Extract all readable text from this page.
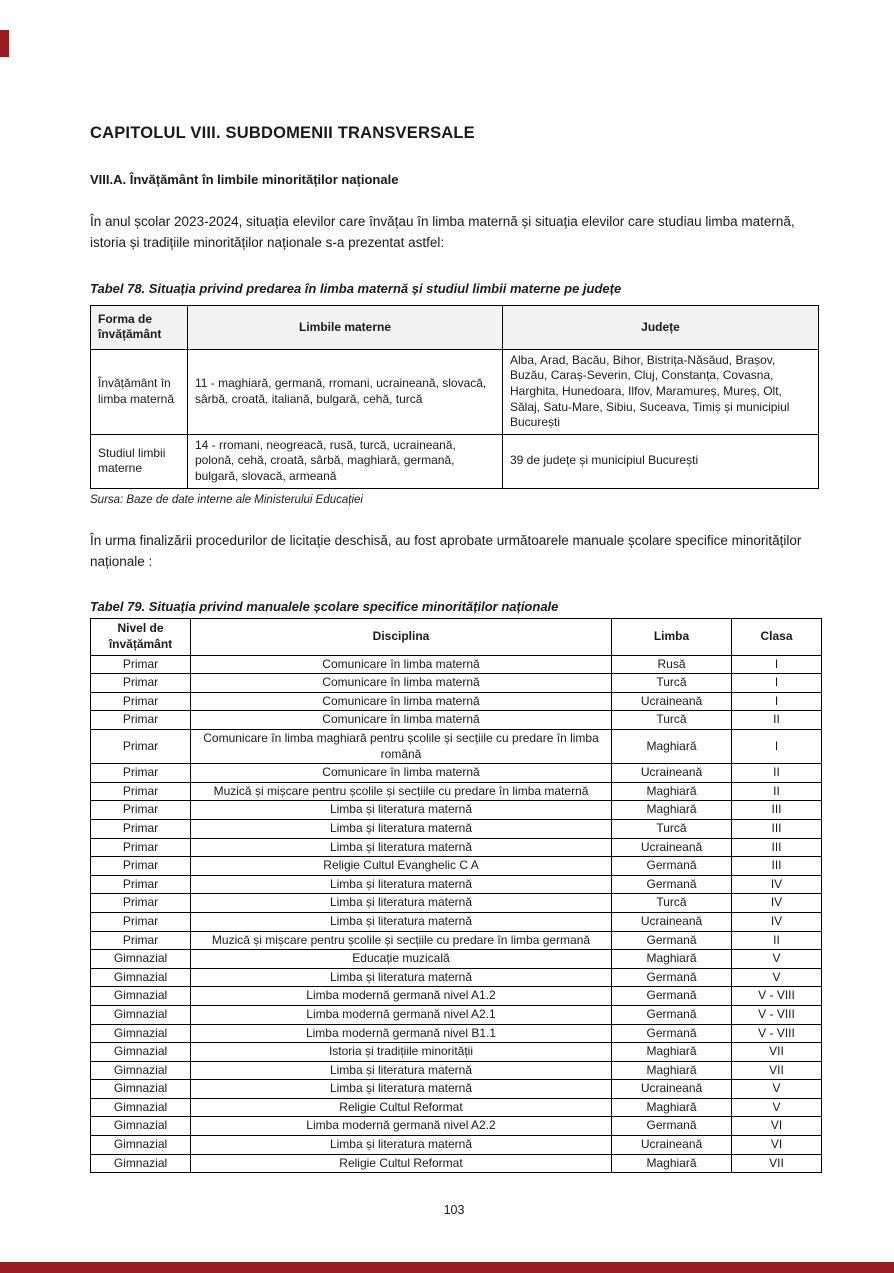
CAPITOLUL VIII. SUBDOMENII TRANSVERSALE
VIII.A. Învățământ în limbile minorităților naționale

În anul școlar 2023-2024, situația elevilor care învățau în limba maternă și situația elevilor care studiau limba maternă, istoria și tradițiile minorităților naționale s-a prezentat astfel:

Tabel 78. Situația privind predarea în limba maternă și studiul limbii materne pe județe

Forma de învățământ	Limbile materne	Județe
Învățământ în limba maternă	11 - maghiară, germană, rromani, ucraineană, slovacă, sârbă, croată, italiană, bulgară, cehă, turcă	Alba, Arad, Bacău, Bihor, Bistrița-Năsăud, Brașov, Buzău, Caraș-Severin, Cluj, Constanța, Covasna, Harghita, Hunedoara, Ilfov, Maramureș, Mureș, Olt, Sălaj, Satu-Mare, Sibiu, Suceava, Timiș și municipiul București
Studiul limbii materne	14 - rromani, neogreacă, rusă, turcă, ucraineană, polonă, cehă, croată, sârbă, maghiară, germană, bulgară, slovacă, armeană	39 de județe și municipiul București

Sursa: Baze de date interne ale Ministerului Educației

În urma finalizării procedurilor de licitație deschisă, au fost aprobate următoarele manuale școlare specifice minorităților naționale :

Tabel 79. Situația privind manualele școlare specifice minorităților naționale

Nivel de învățământ	Disciplina	Limba	Clasa
Primar	Comunicare în limba maternă	Rusă	I
Primar	Comunicare în limba maternă	Turcă	I
Primar	Comunicare în limba maternă	Ucraineană	I
Primar	Comunicare în limba maternă	Turcă	II
Primar	Comunicare în limba maghiară pentru școlile și secțiile cu predare în limba română	Maghiară	I
Primar	Comunicare în limba maternă	Ucraineană	II
Primar	Muzică și mișcare pentru școlile și secțiile cu predare în limba maternă	Maghiară	II
Primar	Limba și literatura maternă	Maghiară	III
Primar	Limba și literatura maternă	Turcă	III
Primar	Limba și literatura maternă	Ucraineană	III
Primar	Religie Cultul Evanghelic C A	Germană	III
Primar	Limba și literatura maternă	Germană	IV
Primar	Limba și literatura maternă	Turcă	IV
Primar	Limba și literatura maternă	Ucraineană	IV
Primar	Muzică și mișcare pentru școlile și secțiile cu predare în limba germană	Germană	II
Gimnazial	Educație muzicală	Maghiară	V
Gimnazial	Limba și literatura maternă	Germană	V
Gimnazial	Limba modernă germană nivel A1.2	Germană	V - VIII
Gimnazial	Limba modernă germană nivel A2.1	Germană	V - VIII
Gimnazial	Limba modernă germană nivel B1.1	Germană	V - VIII
Gimnazial	Istoria și tradițiile minorității	Maghiară	VII
Gimnazial	Limba și literatura maternă	Maghiară	VII
Gimnazial	Limba și literatura maternă	Ucraineană	V
Gimnazial	Religie Cultul Reformat	Maghiară	V
Gimnazial	Limba modernă germană nivel A2.2	Germană	VI
Gimnazial	Limba și literatura maternă	Ucraineană	VI
Gimnazial	Religie Cultul Reformat	Maghiară	VII

103
